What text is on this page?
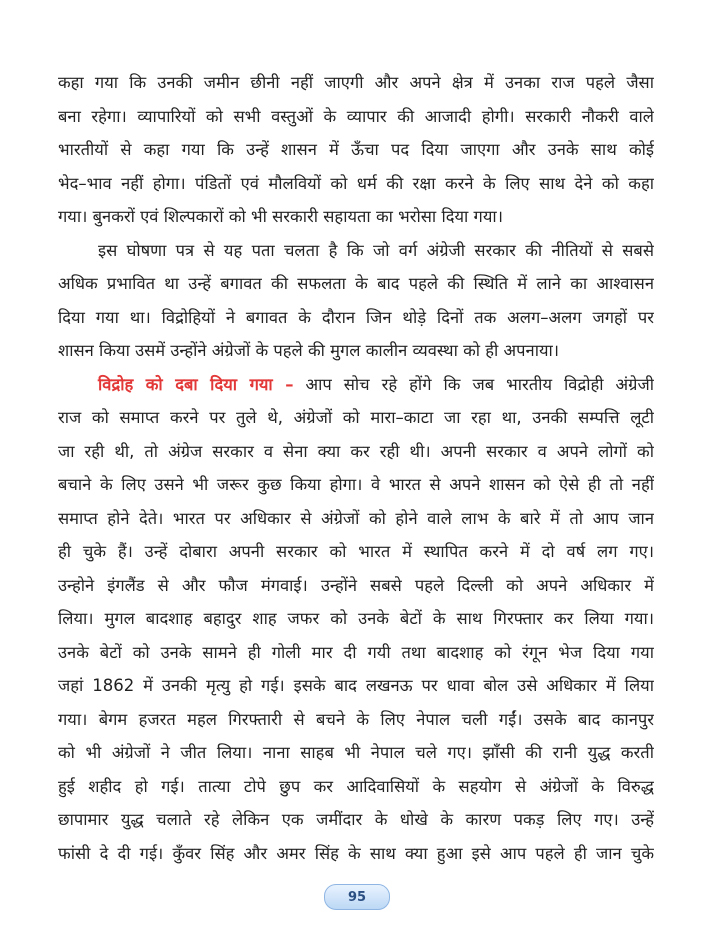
कहा गया कि उनकी जमीन छीनी नहीं जाएगी और अपने क्षेत्र में उनका राज पहले जैसा
बना रहेगा। व्यापारियों को सभी वस्तुओं के व्यापार की आजादी होगी। सरकारी नौकरी वाले
भारतीयों से कहा गया कि उन्हें शासन में ऊँचा पद दिया जाएगा और उनके साथ कोई
भेद–भाव नहीं होगा। पंडितों एवं मौलवियों को धर्म की रक्षा करने के लिए साथ देने को कहा
गया। बुनकरों एवं शिल्पकारों को भी सरकारी सहायता का भरोसा दिया गया।
इस घोषणा पत्र से यह पता चलता है कि जो वर्ग अंग्रेजी सरकार की नीतियों से सबसे
अधिक प्रभावित था उन्हें बगावत की सफलता के बाद पहले की स्थिति में लाने का आश्वासन
दिया गया था। विद्रोहियों ने बगावत के दौरान जिन थोड़े दिनों तक अलग–अलग जगहों पर
शासन किया उसमें उन्होंने अंग्रेजों के पहले की मुगल कालीन व्यवस्था को ही अपनाया।
विद्रोह को दबा दिया गया – आप सोच रहे होंगे कि जब भारतीय विद्रोही अंग्रेजी
राज को समाप्त करने पर तुले थे, अंग्रेजों को मारा–काटा जा रहा था, उनकी सम्पत्ति लूटी
जा रही थी, तो अंग्रेज सरकार व सेना क्या कर रही थी। अपनी सरकार व अपने लोगों को
बचाने के लिए उसने भी जरूर कुछ किया होगा। वे भारत से अपने शासन को ऐसे ही तो नहीं
समाप्त होने देते। भारत पर अधिकार से अंग्रेजों को होने वाले लाभ के बारे में तो आप जान
ही चुके हैं। उन्हें दोबारा अपनी सरकार को भारत में स्थापित करने में दो वर्ष लग गए।
उन्होने इंगलैंड से और फौज मंगवाई। उन्होंने सबसे पहले दिल्ली को अपने अधिकार में
लिया। मुगल बादशाह बहादुर शाह जफर को उनके बेटों के साथ गिरफ्तार कर लिया गया।
उनके बेटों को उनके सामने ही गोली मार दी गयी तथा बादशाह को रंगून भेज दिया गया
जहां 1862 में उनकी मृत्यु हो गई। इसके बाद लखनऊ पर धावा बोल उसे अधिकार में लिया
गया। बेगम हजरत महल गिरफ्तारी से बचने के लिए नेपाल चली गईं। उसके बाद कानपुर
को भी अंग्रेजों ने जीत लिया। नाना साहब भी नेपाल चले गए। झाँसी की रानी युद्ध करती
हुई शहीद हो गई। तात्या टोपे छुप कर आदिवासियों के सहयोग से अंग्रेजों के विरुद्ध
छापामार युद्ध चलाते रहे लेकिन एक जमींदार के धोखे के कारण पकड़ लिए गए। उन्हें
फांसी दे दी गई। कुँवर सिंह और अमर सिंह के साथ क्या हुआ इसे आप पहले ही जान चुके
95
